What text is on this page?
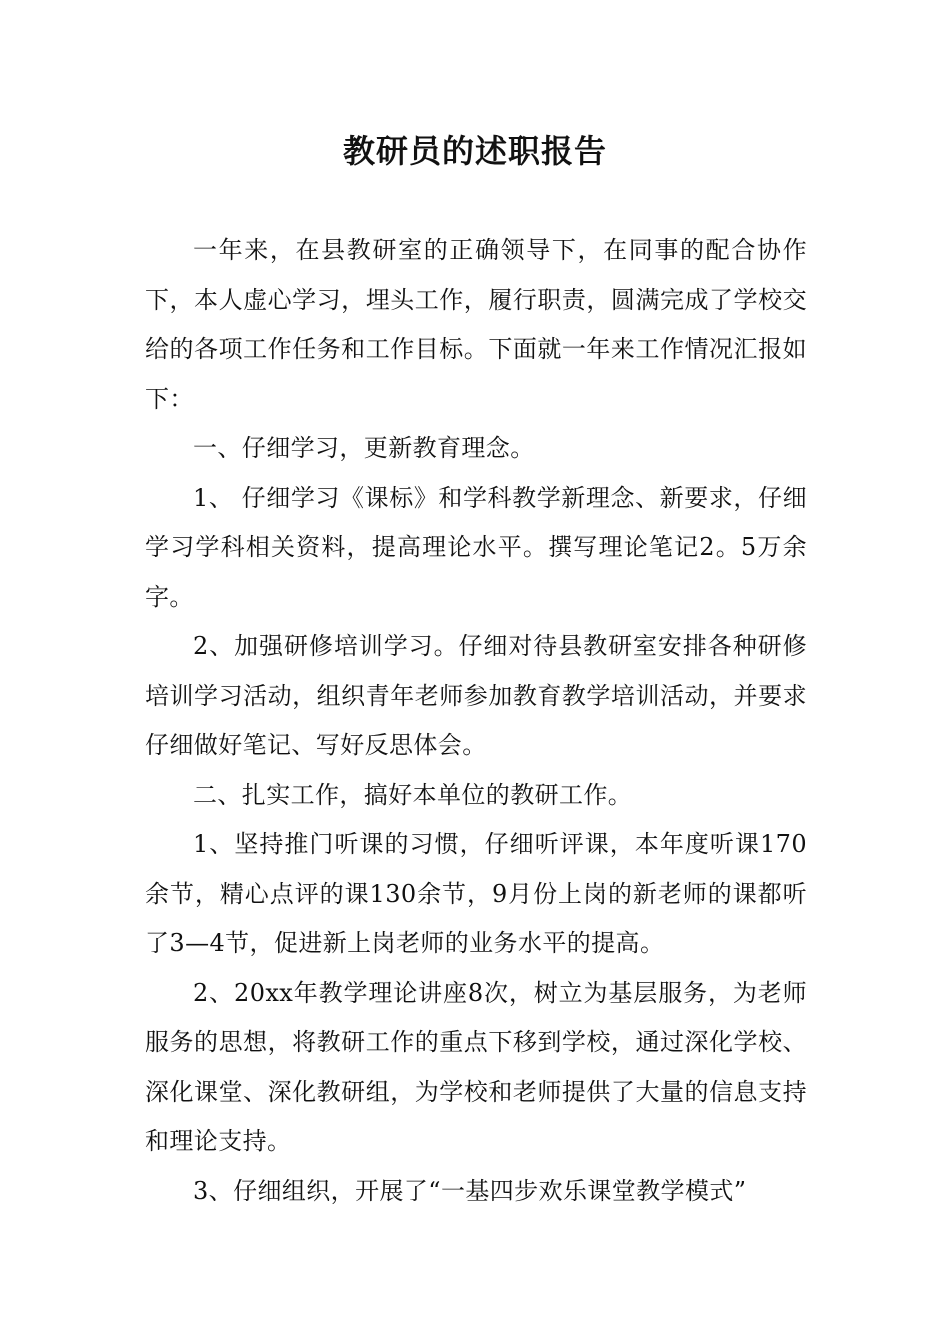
教研员的述职报告

一年来，在县教研室的正确领导下，在同事的配合协作下，本人虚心学习，埋头工作，履行职责，圆满完成了学校交给的各项工作任务和工作目标。下面就一年来工作情况汇报如下：

一、仔细学习，更新教育理念。

1、 仔细学习《课标》和学科教学新理念、新要求，仔细学习学科相关资料，提高理论水平。撰写理论笔记2。5万余字。

2、加强研修培训学习。仔细对待县教研室安排各种研修培训学习活动，组织青年老师参加教育教学培训活动，并要求仔细做好笔记、写好反思体会。

二、扎实工作，搞好本单位的教研工作。

1、坚持推门听课的习惯，仔细听评课，本年度听课170余节，精心点评的课130余节，9月份上岗的新老师的课都听了3—4节，促进新上岗老师的业务水平的提高。

2、20xx年教学理论讲座8次，树立为基层服务，为老师服务的思想，将教研工作的重点下移到学校，通过深化学校、深化课堂、深化教研组，为学校和老师提供了大量的信息支持和理论支持。

3、仔细组织，开展了“一基四步欢乐课堂教学模式”
